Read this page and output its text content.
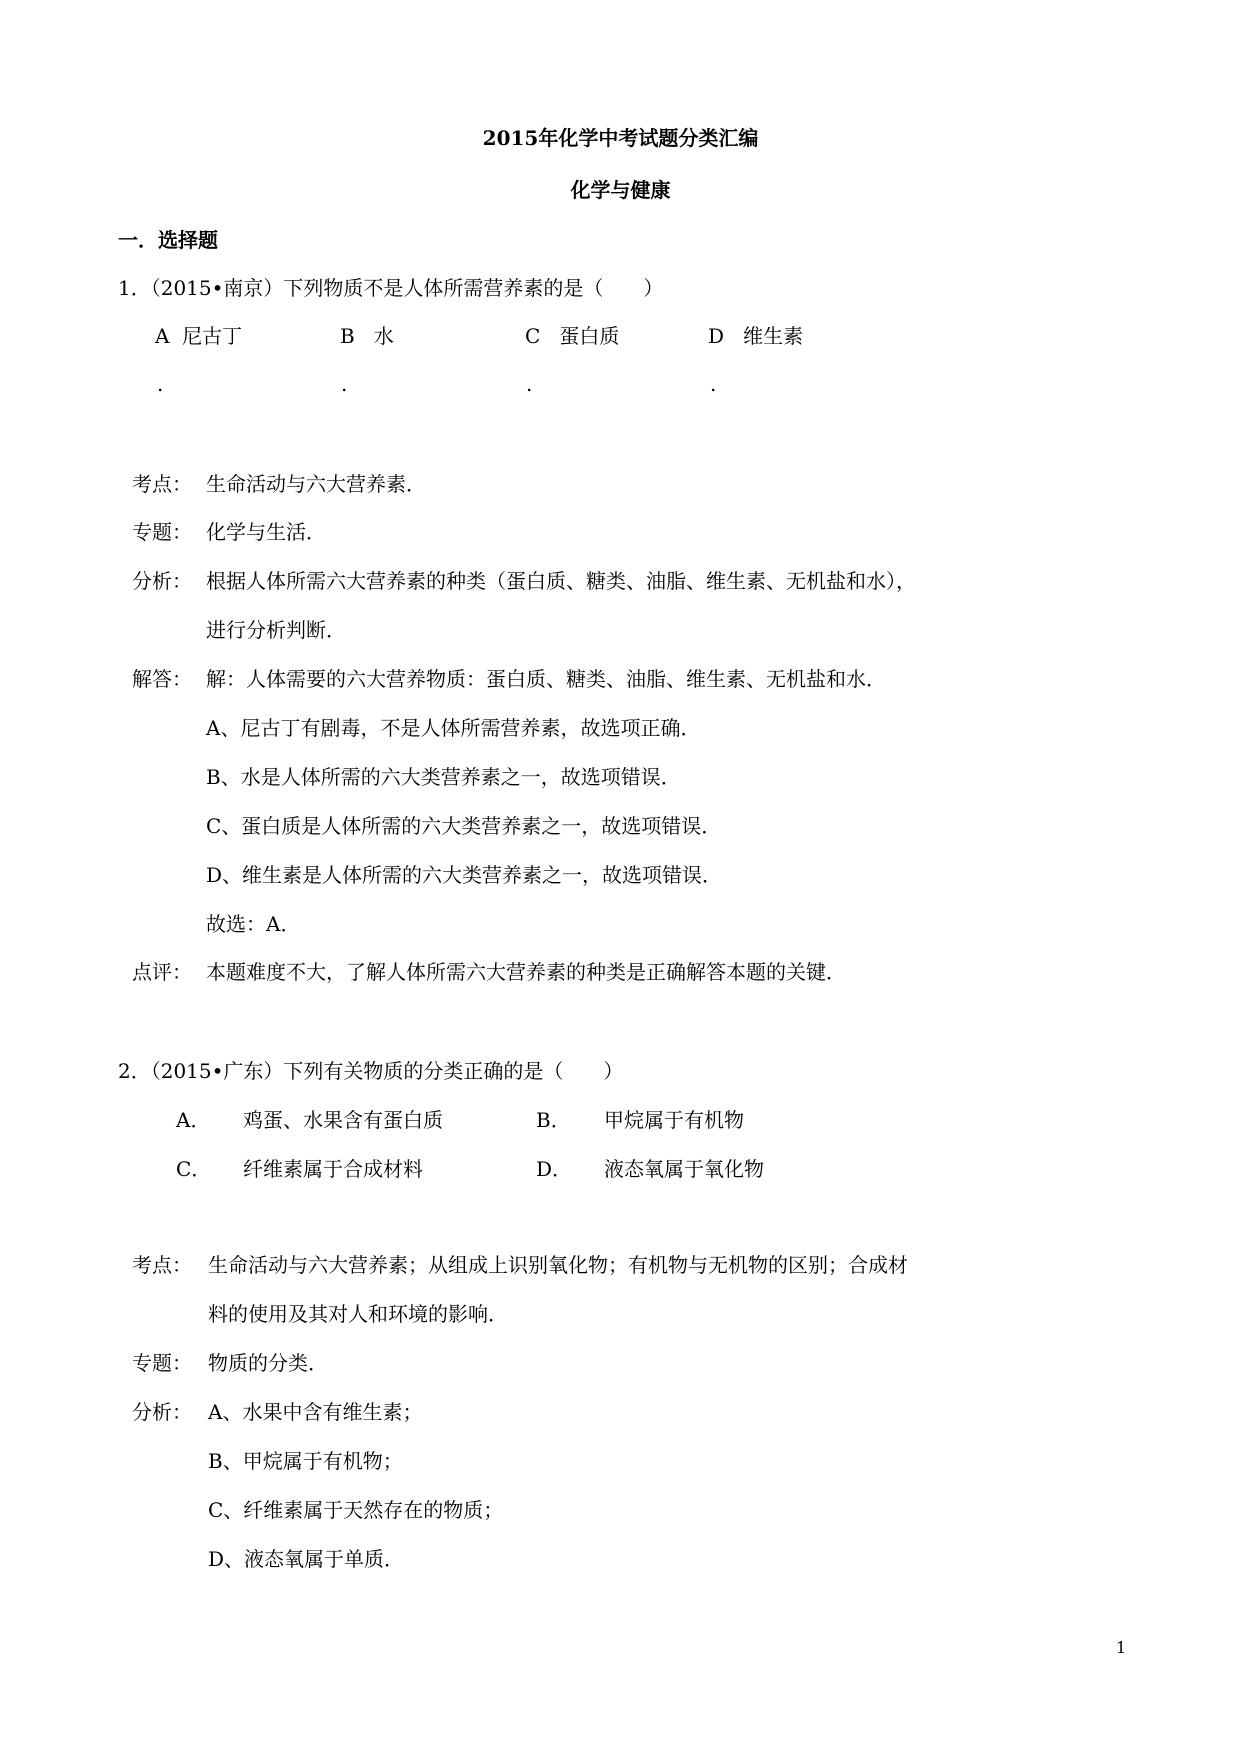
2015年化学中考试题分类汇编
化学与健康
一．选择题
1．（2015•南京）下列物质不是人体所需营养素的是（　　）
A 尼古丁	B 水	C 蛋白质	D 维生素
.	.	.	.
考点： 生命活动与六大营养素．
专题： 化学与生活．
分析： 根据人体所需六大营养素的种类（蛋白质、糖类、油脂、维生素、无机盐和水），
进行分析判断．
解答： 解：人体需要的六大营养物质：蛋白质、糖类、油脂、维生素、无机盐和水．
A、尼古丁有剧毒，不是人体所需营养素，故选项正确．
B、水是人体所需的六大类营养素之一，故选项错误．
C、蛋白质是人体所需的六大类营养素之一，故选项错误．
D、维生素是人体所需的六大类营养素之一，故选项错误．
故选：A．
点评： 本题难度不大，了解人体所需六大营养素的种类是正确解答本题的关键．
2．（2015•广东）下列有关物质的分类正确的是（　　）
A． 鸡蛋、水果含有蛋白质	B． 甲烷属于有机物
C． 纤维素属于合成材料	D． 液态氧属于氧化物
考点： 生命活动与六大营养素；从组成上识别氧化物；有机物与无机物的区别；合成材
料的使用及其对人和环境的影响．
专题： 物质的分类．
分析： A、水果中含有维生素；
B、甲烷属于有机物；
C、纤维素属于天然存在的物质；
D、液态氧属于单质．
1
